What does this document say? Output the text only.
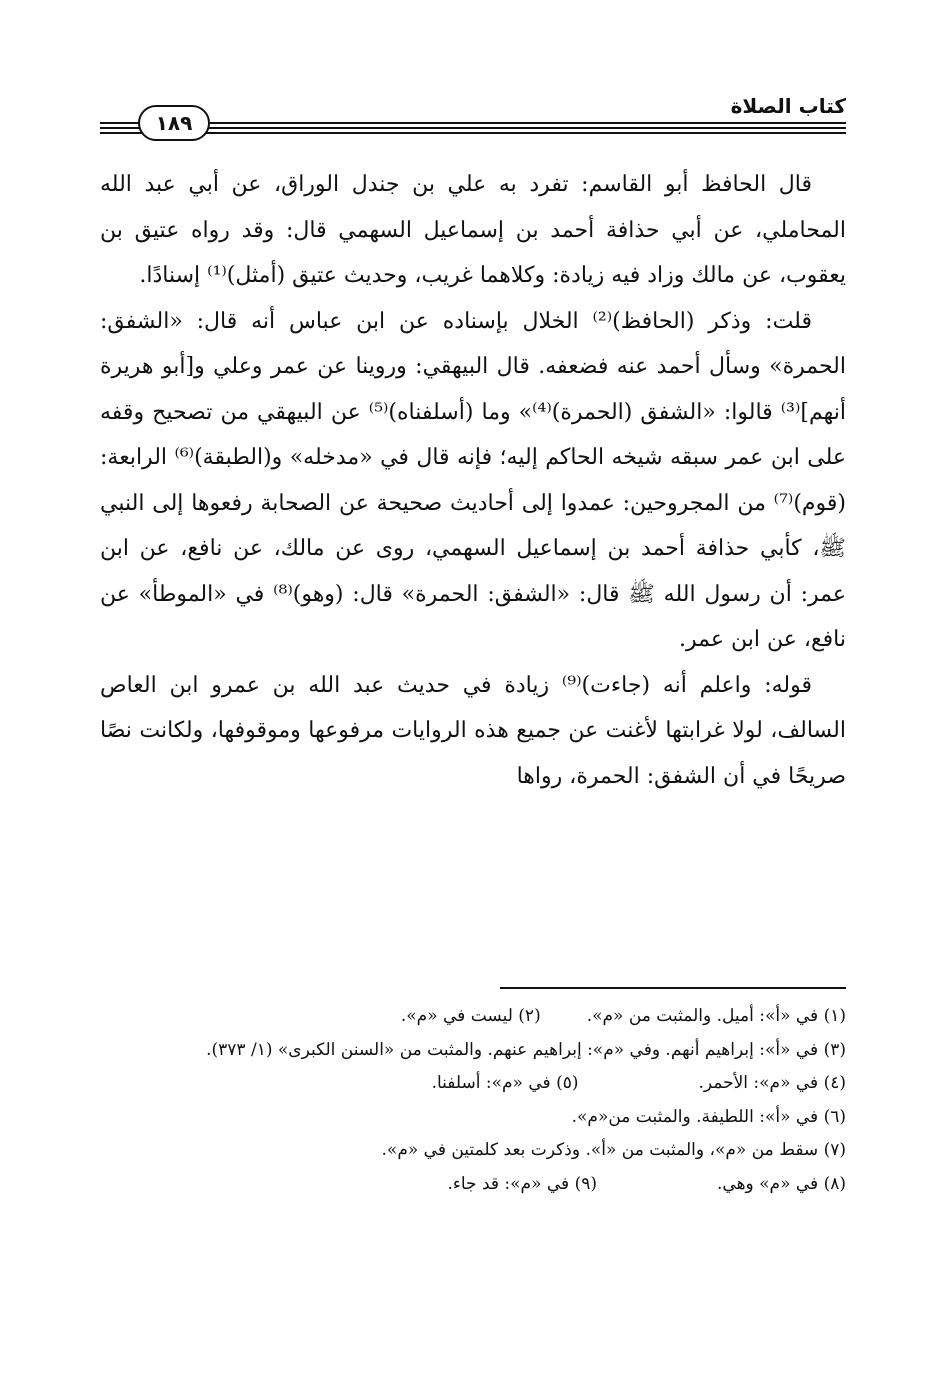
كتاب الصلاة
١٨٩

قال الحافظ أبو القاسم: تفرد به علي بن جندل الوراق، عن أبي عبد الله المحاملي، عن أبي حذافة أحمد بن إسماعيل السهمي قال: وقد رواه عتيق بن يعقوب، عن مالك وزاد فيه زيادة: وكلاهما غريب، وحديث عتيق (أمثل)⁽¹⁾ إسنادًا.

قلت: وذكر (الحافظ)⁽²⁾ الخلال بإسناده عن ابن عباس أنه قال: «الشفق: الحمرة» وسأل أحمد عنه فضعفه. قال البيهقي: وروينا عن عمر وعلي و[أبو هريرة أنهم]⁽³⁾ قالوا: «الشفق (الحمرة)⁽⁴⁾» وما (أسلفناه)⁽⁵⁾ عن البيهقي من تصحيح وقفه على ابن عمر سبقه شيخه الحاكم إليه؛ فإنه قال في «مدخله» و(الطبقة)⁽⁶⁾ الرابعة: (قوم)⁽⁷⁾ من المجروحين: عمدوا إلى أحاديث صحيحة عن الصحابة رفعوها إلى النبي ﷺ، كأبي حذافة أحمد بن إسماعيل السهمي، روى عن مالك، عن نافع، عن ابن عمر: أن رسول الله ﷺ قال: «الشفق: الحمرة» قال: (وهو)⁽⁸⁾ في «الموطأ» عن نافع، عن ابن عمر.

قوله: واعلم أنه (جاءت)⁽⁹⁾ زيادة في حديث عبد الله بن عمرو ابن العاص السالف، لولا غرابتها لأغنت عن جميع هذه الروايات مرفوعها وموقوفها، ولكانت نصًا صريحًا في أن الشفق: الحمرة، رواها

(١) في «أ»: أميل. والمثبت من «م».(٢) ليست في «م».
(٣) في «أ»: إبراهيم أنهم. وفي «م»: إبراهيم عنهم. والمثبت من «السنن الكبرى» (١/ ٣٧٣).
(٤) في «م»: الأحمر.(٥) في «م»: أسلفنا.
(٦) في «أ»: اللطيفة. والمثبت من«م».
(٧) سقط من «م»، والمثبت من «أ». وذكرت بعد كلمتين في «م».
(٨) في «م» وهي.(٩) في «م»: قد جاء.
